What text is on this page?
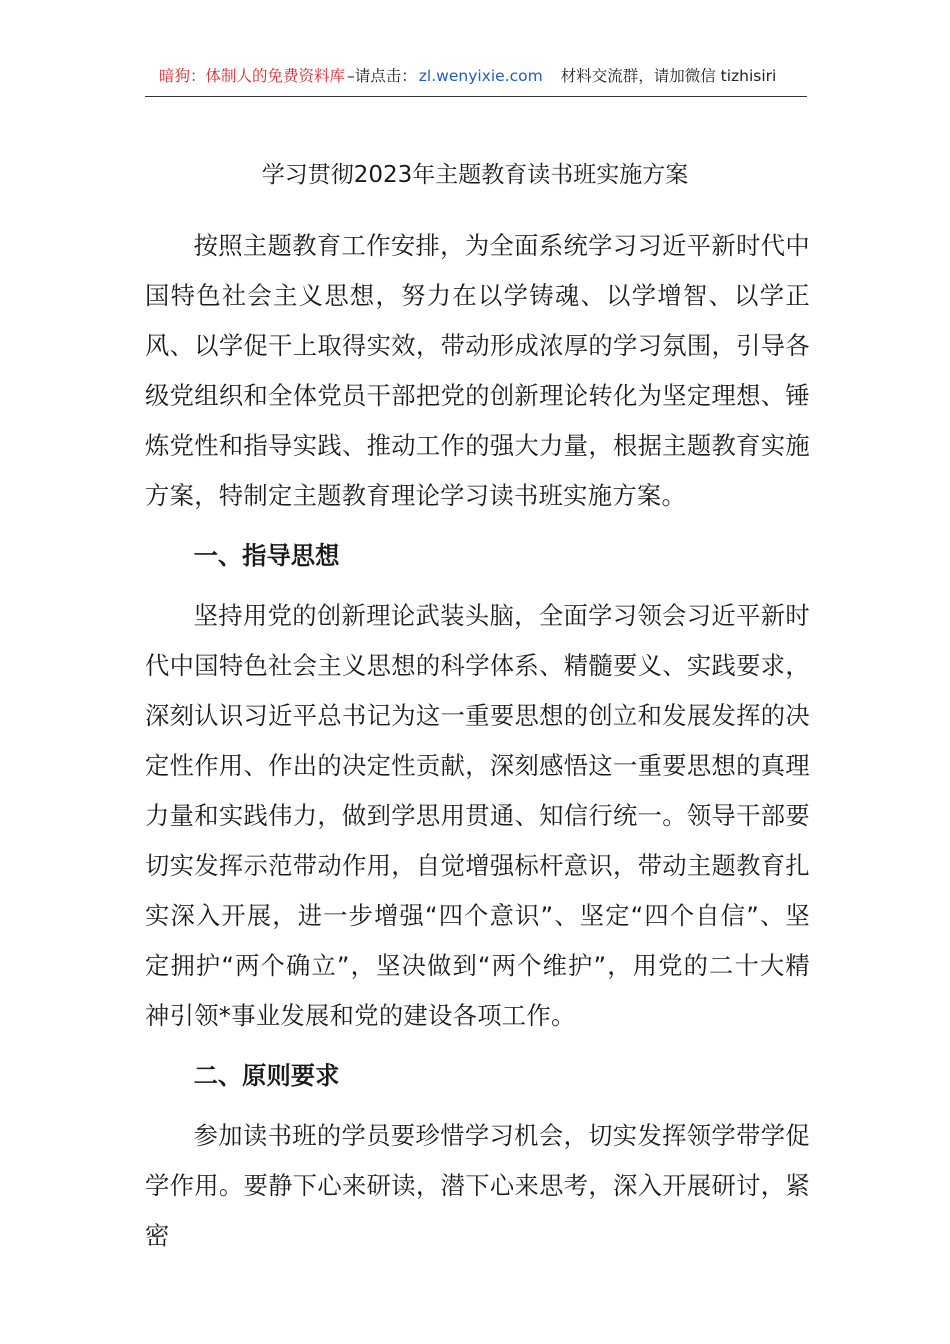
暗狗：体制人的免费资料库 –请点击： zl.wenyixie.com 材料交流群，请加微信 tizhisiri
学习贯彻2023年主题教育读书班实施方案

按照主题教育工作安排，为全面系统学习习近平新时代中国特色社会主义思想，努力在以学铸魂、以学增智、以学正风、以学促干上取得实效，带动形成浓厚的学习氛围，引导各级党组织和全体党员干部把党的创新理论转化为坚定理想、锤炼党性和指导实践、推动工作的强大力量，根据主题教育实施方案，特制定主题教育理论学习读书班实施方案。

一、指导思想

坚持用党的创新理论武装头脑，全面学习领会习近平新时代中国特色社会主义思想的科学体系、精髓要义、实践要求，深刻认识习近平总书记为这一重要思想的创立和发展发挥的决定性作用、作出的决定性贡献，深刻感悟这一重要思想的真理力量和实践伟力，做到学思用贯通、知信行统一。领导干部要切实发挥示范带动作用，自觉增强标杆意识，带动主题教育扎实深入开展，进一步增强“四个意识”、坚定“四个自信”、坚定拥护“两个确立”，坚决做到“两个维护”，用党的二十大精神引领*事业发展和党的建设各项工作。

二、原则要求

参加读书班的学员要珍惜学习机会，切实发挥领学带学促学作用。要静下心来研读，潜下心来思考，深入开展研讨，紧密
